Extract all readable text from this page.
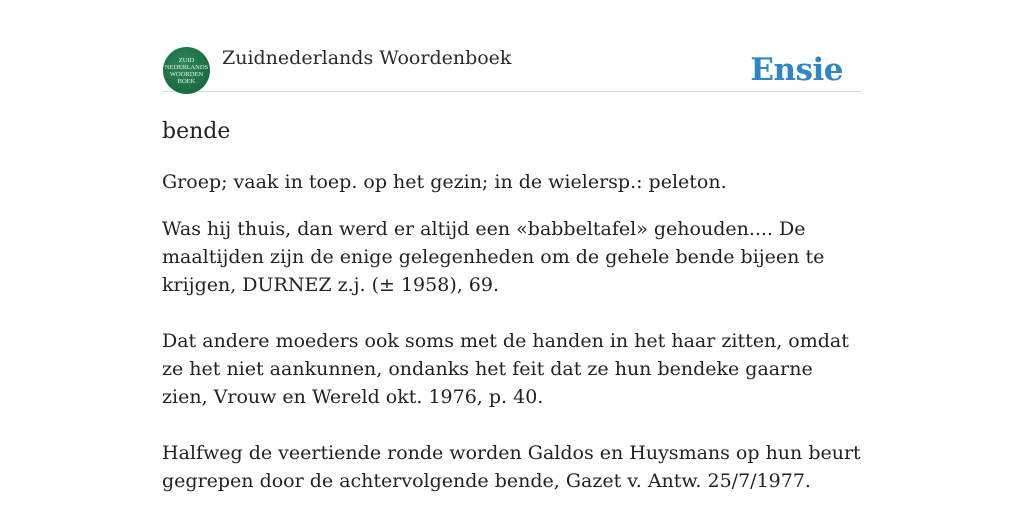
ZUID
NEDERLANDS
WOORDEN
BOEK
Zuidnederlands Woordenboek	Ensie
bende

Groep; vaak in toep. op het gezin; in de wielersp.: peleton.

Was hij thuis, dan werd er altijd een «babbeltafel» gehouden.... De maaltijden zijn de enige gelegenheden om de gehele bende bijeen te krijgen, DURNEZ z.j. (± 1958), 69.

Dat andere moeders ook soms met de handen in het haar zitten, omdat ze het niet aankunnen, ondanks het feit dat ze hun bendeke gaarne zien, Vrouw en Wereld okt. 1976, p. 40.

Halfweg de veertiende ronde worden Galdos en Huysmans op hun beurt gegrepen door de achtervolgende bende, Gazet v. Antw. 25/7/1977.
